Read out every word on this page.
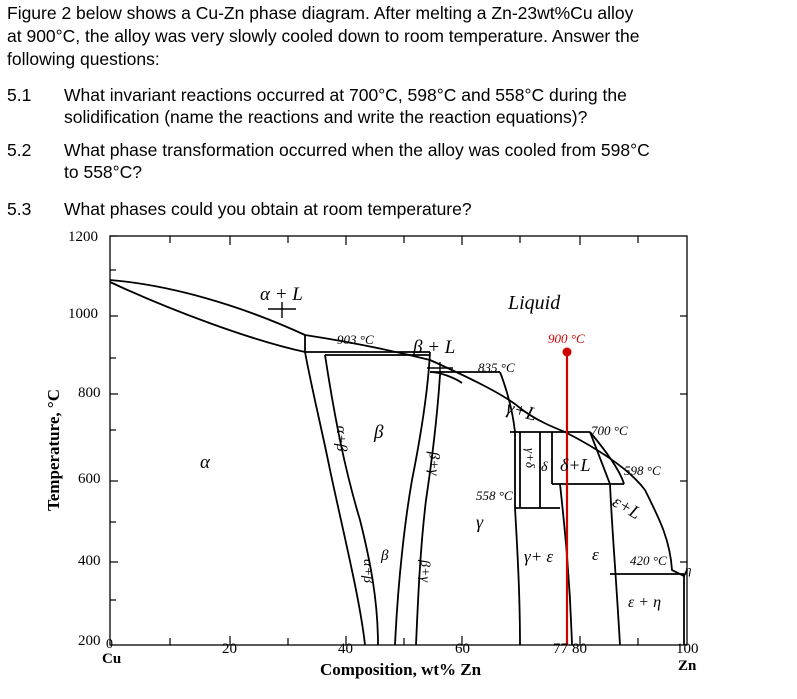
Figure 2 below shows a Cu-Zn phase diagram. After melting a Zn-23wt%Cu alloy
at 900°C, the alloy was very slowly cooled down to room temperature. Answer the
following questions:
5.1 What invariant reactions occurred at 700°C, 598°C and 558°C during the
solidification (name the reactions and write the reaction equations)?
5.2 What phase transformation occurred when the alloy was cooled from 598°C
to 558°C?
5.3 What phases could you obtain at room temperature?
1200
1000
800
600
400
200 0
Cu
20	40	60	77 80	100
Zn
Composition, wt% Zn
Temperature, °C
Liquid
α + L
β + L
α
α+β β
β+γ
γ+L
γ
γ+δ δ δ+L
ε+L
ε
γ+ ε
ε + η
η
α+β
β
β+γ
903 °C
835 °C
900 °C
700 °C
598 °C
558 °C
420 °C
